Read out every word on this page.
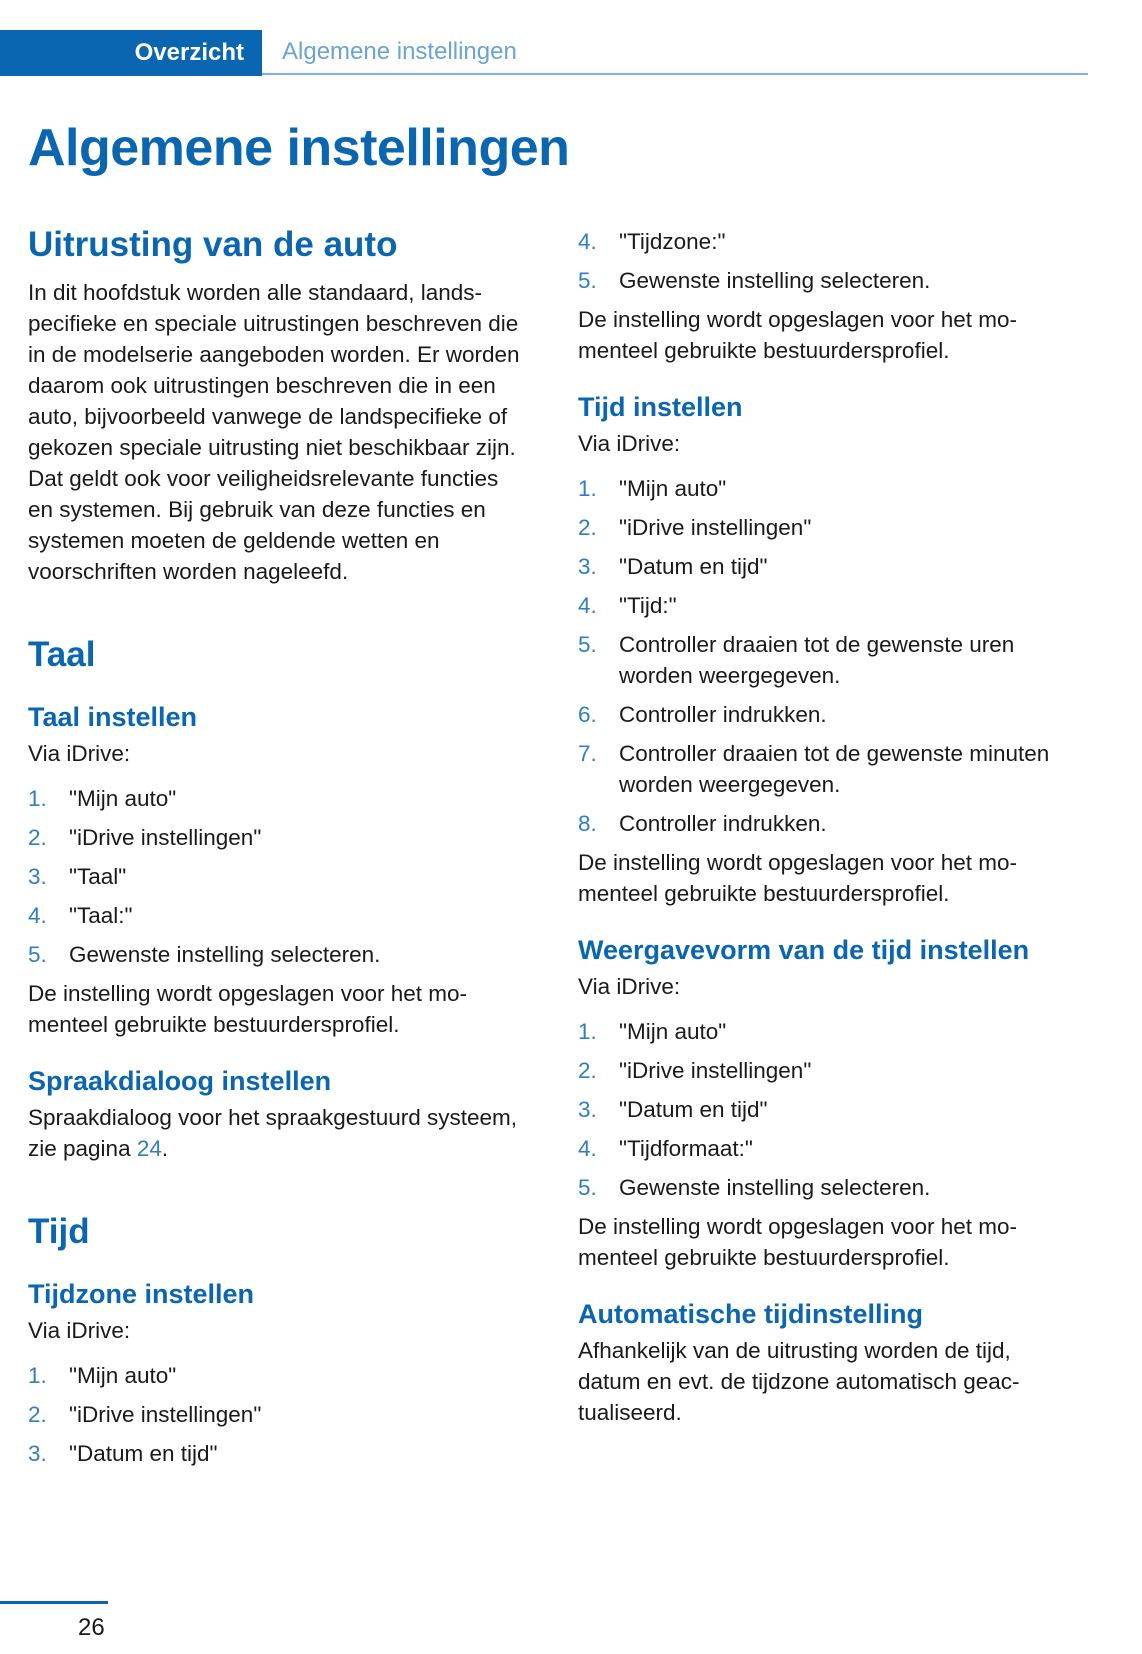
Overzicht Algemene instellingen
Algemene instellingen
Uitrusting van de auto

In dit hoofdstuk worden alle standaard, landspecifieke en speciale uitrustingen beschreven die in de modelserie aangeboden worden. Er worden daarom ook uitrustingen beschreven die in een auto, bijvoorbeeld vanwege de landspecifieke of gekozen speciale uitrusting niet beschikbaar zijn. Dat geldt ook voor veiligheidsrelevante functies en systemen. Bij gebruik van deze functies en systemen moeten de geldende wetten en voorschriften worden nageleefd.

Taal
Taal instellen

Via iDrive:

1. "Mijn auto"
2. "iDrive instellingen"
3. "Taal"
4. "Taal:"
5. Gewenste instelling selecteren.

De instelling wordt opgeslagen voor het momenteel gebruikte bestuurdersprofiel.

Spraakdialoog instellen

Spraakdialoog voor het spraakgestuurd systeem, zie pagina 24.

Tijd
Tijdzone instellen

Via iDrive:

1. "Mijn auto"
2. "iDrive instellingen"
3. "Datum en tijd"
4. "Tijdzone:"
5. Gewenste instelling selecteren.

De instelling wordt opgeslagen voor het momenteel gebruikte bestuurdersprofiel.

Tijd instellen

Via iDrive:

1. "Mijn auto"
2. "iDrive instellingen"
3. "Datum en tijd"
4. "Tijd:"
5. Controller draaien tot de gewenste uren worden weergegeven.
6. Controller indrukken.
7. Controller draaien tot de gewenste minuten worden weergegeven.
8. Controller indrukken.

De instelling wordt opgeslagen voor het momenteel gebruikte bestuurdersprofiel.

Weergavevorm van de tijd instellen

Via iDrive:

1. "Mijn auto"
2. "iDrive instellingen"
3. "Datum en tijd"
4. "Tijdformaat:"
5. Gewenste instelling selecteren.

De instelling wordt opgeslagen voor het momenteel gebruikte bestuurdersprofiel.

Automatische tijdinstelling

Afhankelijk van de uitrusting worden de tijd, datum en evt. de tijdzone automatisch geactualiseerd.

26
